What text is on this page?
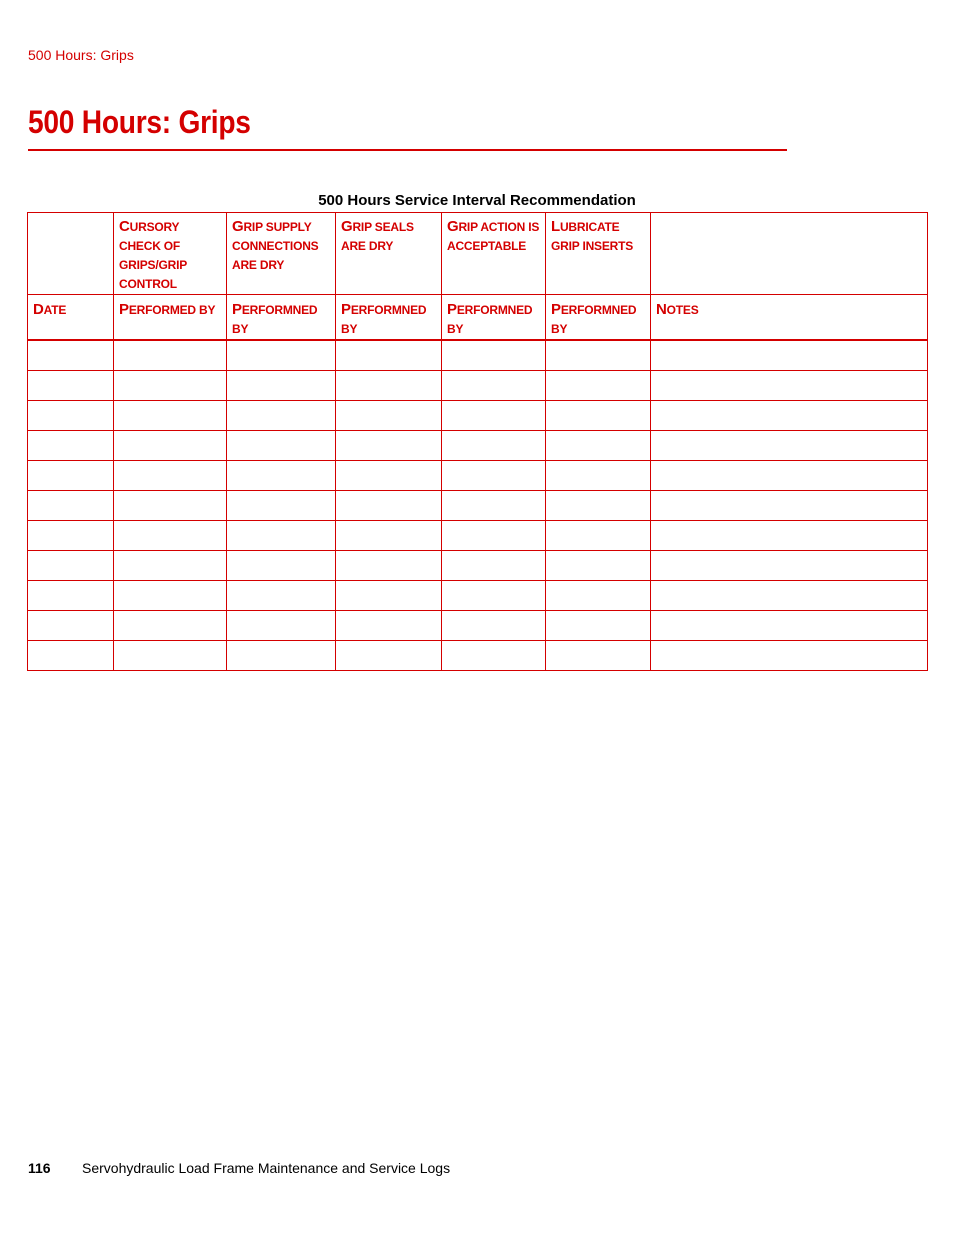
500 Hours: Grips
500 Hours: Grips
500 Hours Service Interval Recommendation

	CURSORY CHECK OF GRIPS/GRIP CONTROL	GRIP SUPPLY CONNECTIONS ARE DRY	GRIP SEALS ARE DRY	GRIP ACTION IS ACCEPTABLE	LUBRICATE GRIP INSERTS	

DATE	PERFORMED BY	PERFORMNED BY	PERFORMNED BY	PERFORMNED BY	PERFORMNED BY	NOTES

116 Servohydraulic Load Frame Maintenance and Service Logs
